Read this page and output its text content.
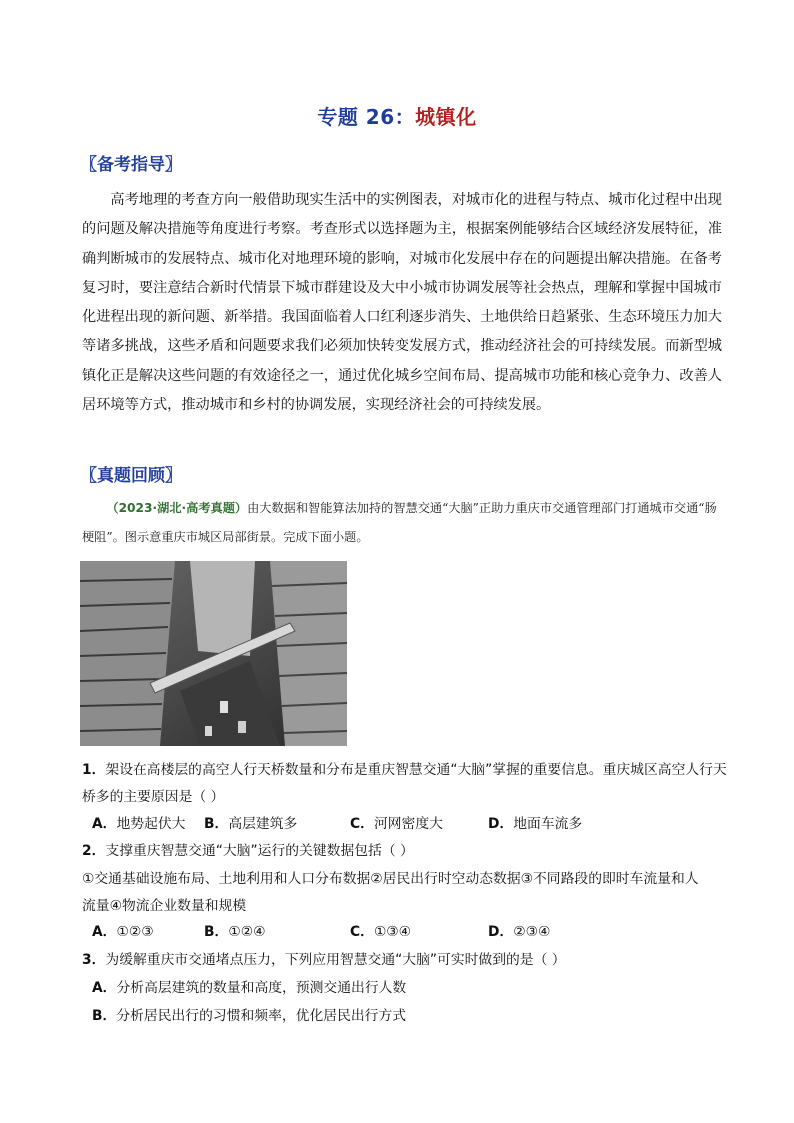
专题 26：城镇化
〖备考指导〗
高考地理的考查方向一般借助现实生活中的实例图表，对城市化的进程与特点、城市化过程中出现的问题及解决措施等角度进行考察。考查形式以选择题为主，根据案例能够结合区域经济发展特征，准确判断城市的发展特点、城市化对地理环境的影响，对城市化发展中存在的问题提出解决措施。在备考复习时，要注意结合新时代情景下城市群建设及大中小城市协调发展等社会热点，理解和掌握中国城市化进程出现的新问题、新举措。我国面临着人口红利逐步消失、土地供给日趋紧张、生态环境压力加大等诸多挑战，这些矛盾和问题要求我们必须加快转变发展方式，推动经济社会的可持续发展。而新型城镇化正是解决这些问题的有效途径之一，通过优化城乡空间布局、提高城市功能和核心竞争力、改善人居环境等方式，推动城市和乡村的协调发展，实现经济社会的可持续发展。
〖真题回顾〗
（2023·湖北·高考真题）由大数据和智能算法加持的智慧交通“大脑”正助力重庆市交通管理部门打通城市交通“肠梗阻”。图示意重庆市城区局部街景。完成下面小题。
1．架设在高楼层的高空人行天桥数量和分布是重庆智慧交通“大脑”掌握的重要信息。重庆城区高空人行天
桥多的主要原因是（ ）
A．地势起伏大 B．高层建筑多	C．河网密度大	D．地面车流多
2．支撑重庆智慧交通“大脑”运行的关键数据包括（ ）
①交通基础设施布局、土地利用和人口分布数据②居民出行时空动态数据③不同路段的即时车流量和人
流量④物流企业数量和规模
A．①②③	B．①②④	C．①③④	D．②③④
3．为缓解重庆市交通堵点压力，下列应用智慧交通“大脑”可实时做到的是（ ）
A．分析高层建筑的数量和高度，预测交通出行人数
B．分析居民出行的习惯和频率，优化居民出行方式
